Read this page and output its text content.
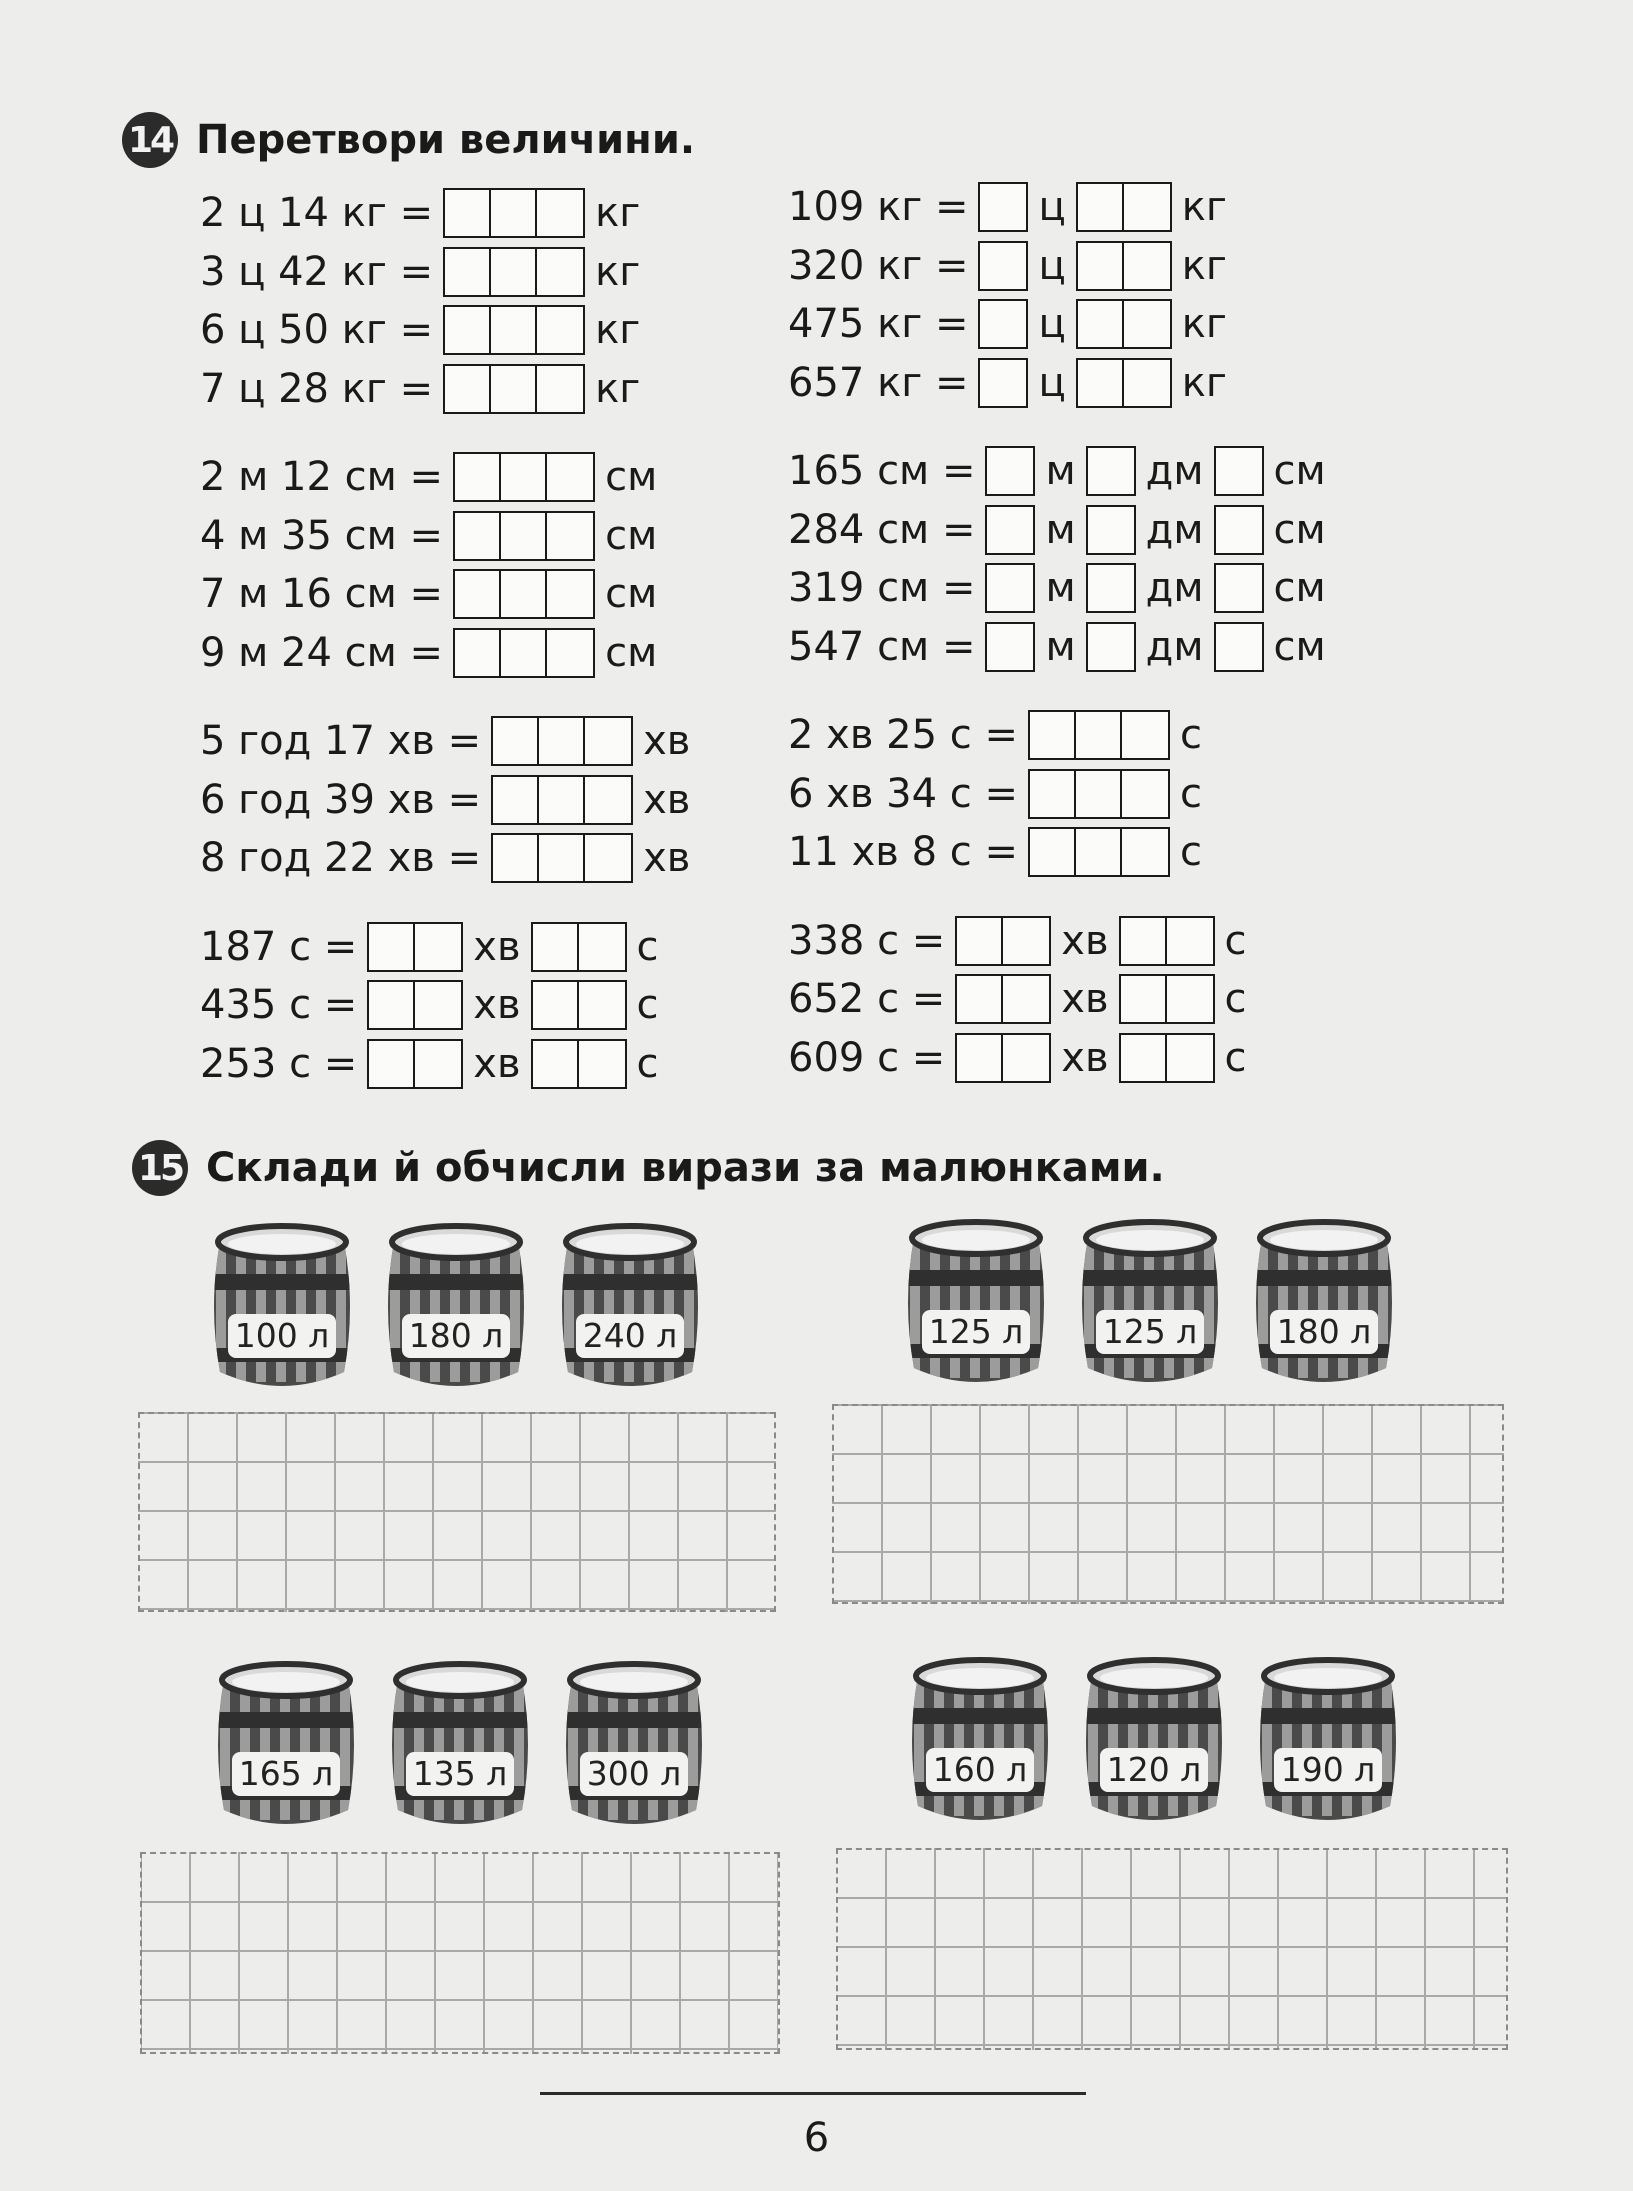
14 Перетвори величини.
2 ц 14 кг =	кг
3 ц 42 кг =	кг
6 ц 50 кг =	кг
7 ц 28 кг =	кг
2 м 12 см =	см
4 м 35 см =	см
7 м 16 см =	см
9 м 24 см =	см
5 год 17 хв =	хв
6 год 39 хв =	хв
8 год 22 хв =	хв
187 с =	хв	с
435 с =	хв	с
253 с =	хв	с
109 кг = ц	кг
320 кг = ц	кг
475 кг = ц	кг
657 кг = ц	кг
165 см = м дм см
284 см = м дм см
319 см = м дм см
547 см = м дм см
2 хв 25 с =	с
6 хв 34 с =	с
11 хв 8 с =	с
338 с =	хв	с
652 с =	хв	с
609 с =	хв	с
15 Склади й обчисли вирази за малюнками.
100 л 180 л 240 л	125 л 125 л 180 л
165 л 135 л 300 л	160 л 120 л 190 л
6
